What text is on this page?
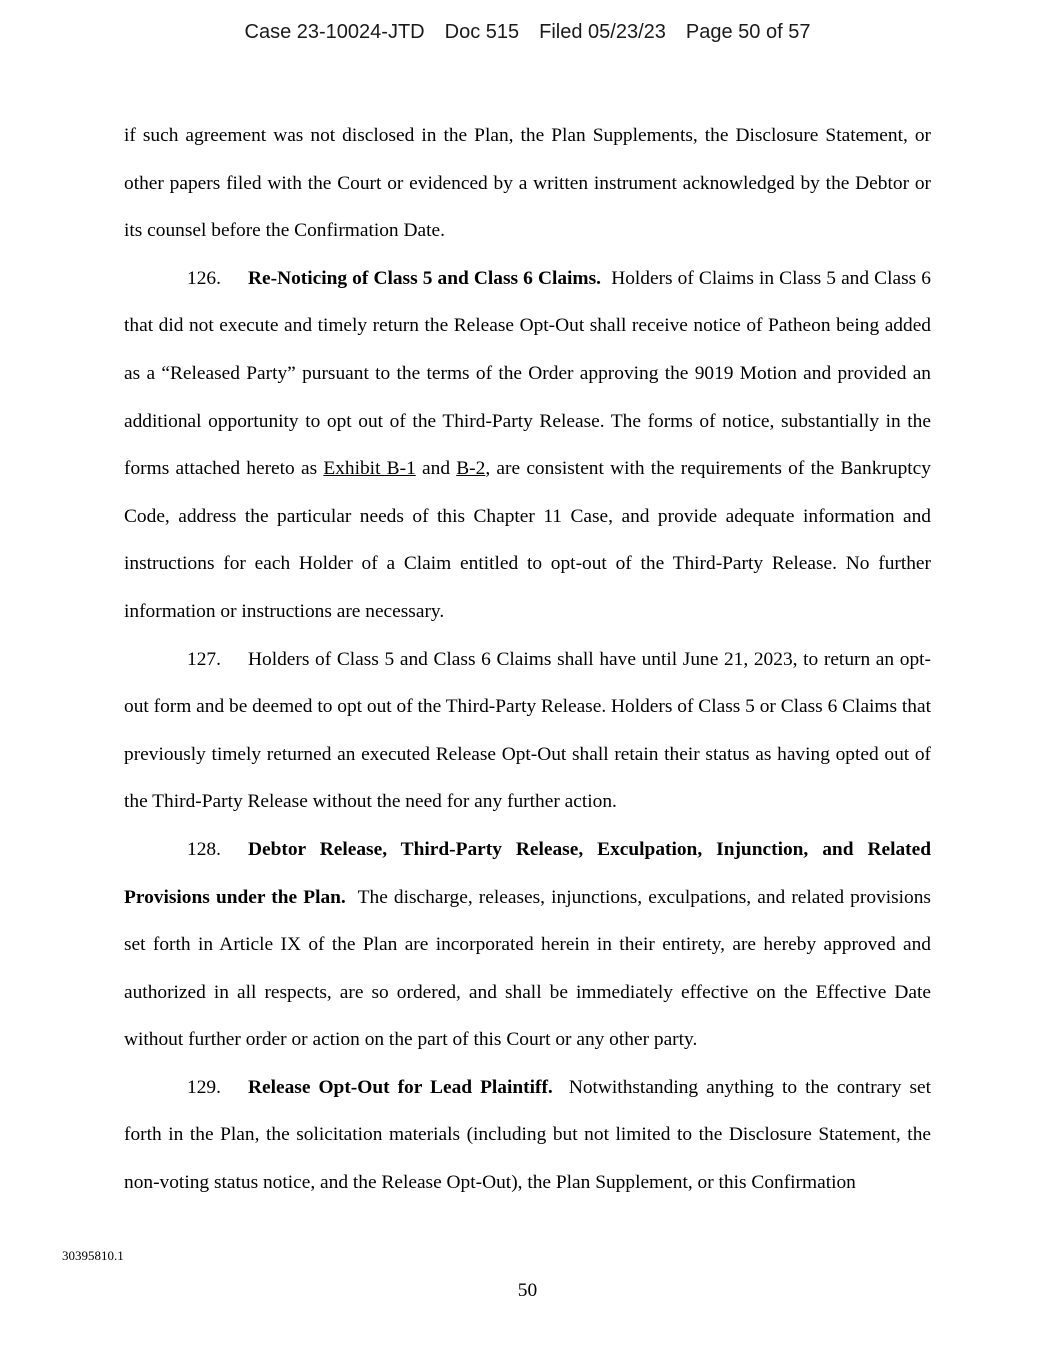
Case 23-10024-JTD Doc 515 Filed 05/23/23 Page 50 of 57

if such agreement was not disclosed in the Plan, the Plan Supplements, the Disclosure Statement, or other papers filed with the Court or evidenced by a written instrument acknowledged by the Debtor or its counsel before the Confirmation Date.

126. Re-Noticing of Class 5 and Class 6 Claims. Holders of Claims in Class 5 and Class 6 that did not execute and timely return the Release Opt-Out shall receive notice of Patheon being added as a “Released Party” pursuant to the terms of the Order approving the 9019 Motion and provided an additional opportunity to opt out of the Third-Party Release. The forms of notice, substantially in the forms attached hereto as Exhibit B-1 and B-2, are consistent with the requirements of the Bankruptcy Code, address the particular needs of this Chapter 11 Case, and provide adequate information and instructions for each Holder of a Claim entitled to opt-out of the Third-Party Release. No further information or instructions are necessary.

127. Holders of Class 5 and Class 6 Claims shall have until June 21, 2023, to return an opt-out form and be deemed to opt out of the Third-Party Release. Holders of Class 5 or Class 6 Claims that previously timely returned an executed Release Opt-Out shall retain their status as having opted out of the Third-Party Release without the need for any further action.

128. Debtor Release, Third-Party Release, Exculpation, Injunction, and Related Provisions under the Plan. The discharge, releases, injunctions, exculpations, and related provisions set forth in Article IX of the Plan are incorporated herein in their entirety, are hereby approved and authorized in all respects, are so ordered, and shall be immediately effective on the Effective Date without further order or action on the part of this Court or any other party.

129. Release Opt-Out for Lead Plaintiff. Notwithstanding anything to the contrary set forth in the Plan, the solicitation materials (including but not limited to the Disclosure Statement, the non-voting status notice, and the Release Opt-Out), the Plan Supplement, or this Confirmation

30395810.1
50
